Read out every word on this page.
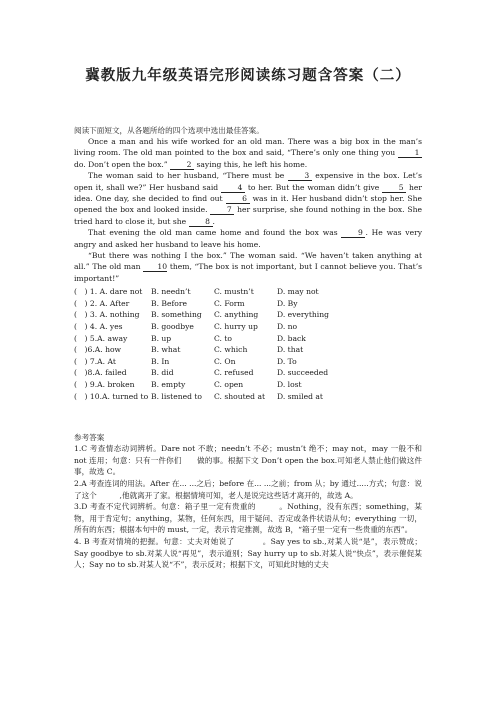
冀教版九年级英语完形阅读练习题含答案（二）
阅读下面短文，从各题所给的四个选项中选出最佳答案。

Once a man and his wife worked for an old man. There was a big box in the man’s living room. The old man pointed to the box and said, “There’s only one thing you	1 do. Don’t open the box.”	2 saying this, he left his home.

The woman said to her husband, “There must be	3 expensive in the box. Let’s open it, shall we?” Her husband said	4 to her. But the woman didn’t give	5 her idea. One day, she decided to find out	6 was in it. Her husband didn’t stop her. She opened the box and looked inside.	7 her surprise, she found nothing in the box. She tried hard to close it, but she	8 .

That evening the old man came home and found the box was	9 . He was very angry and asked her husband to leave his home.

“But there was nothing I the box.” The woman said. “We haven’t taken anything at all.” The old man 10 them, “The box is not important, but I cannot believe you. That’s important!”

(　) 1. A. dare not	B. needn’t	C. mustn’t	D. may not
(　) 2. A. After	B. Before	C. Form	D. By
(　) 3. A. nothing	B. something	C. anything	D. everything
(　) 4. A. yes	B. goodbye	C. hurry up	D. no
(　) 5.A. away	B. up	C. to	D. back
(　)6.A. how	B. what	C. which	D. that
(　) 7.A. At	B. In	C. On	D. To
(　)8.A. failed	B. did	C. refused	D. succeeded
(　) 9.A. broken	B. empty	C. open	D. lost
(　) 10.A. turned to B. listened to	C. shouted at	D. smiled at
参考答案

1.C 考查情态动词辨析。Dare not 不敢；needn’t 不必；mustn’t 绝不；may not，may 一般不和 not 连用；句意：只有一件你们　　做的事。根据下文 Don’t open the box.可知老人禁止他们做这件事，故选 C。

2.A 考查连词的用法。After 在... ...之后；before 在... ...之前；from 从；by 通过.....方式；句意：说了这个　　　,他就离开了家。根据情境可知，老人是说完这些话才离开的，故选 A。

3.D 考查不定代词辨析。句意：箱子里一定有贵重的　　　。Nothing，没有东西；something，某物，用于肯定句；anything，某物，任何东西，用于疑问、否定或条件状语从句；everything 一切，所有的东西；根据本句中的 must, 一定，表示肯定推测，故选 B，“箱子里一定有一些贵重的东西”。

4. B 考查对情境的把握。句意：丈夫对她说了	。Say yes to sb.,对某人说“是”，表示赞成；Say goodbye to sb.对某人说“再见”，表示道别；Say hurry up to sb.对某人说“快点”，表示催促某人；Say no to sb.对某人说“不”，表示反对；根据下文，可知此时她的丈夫
